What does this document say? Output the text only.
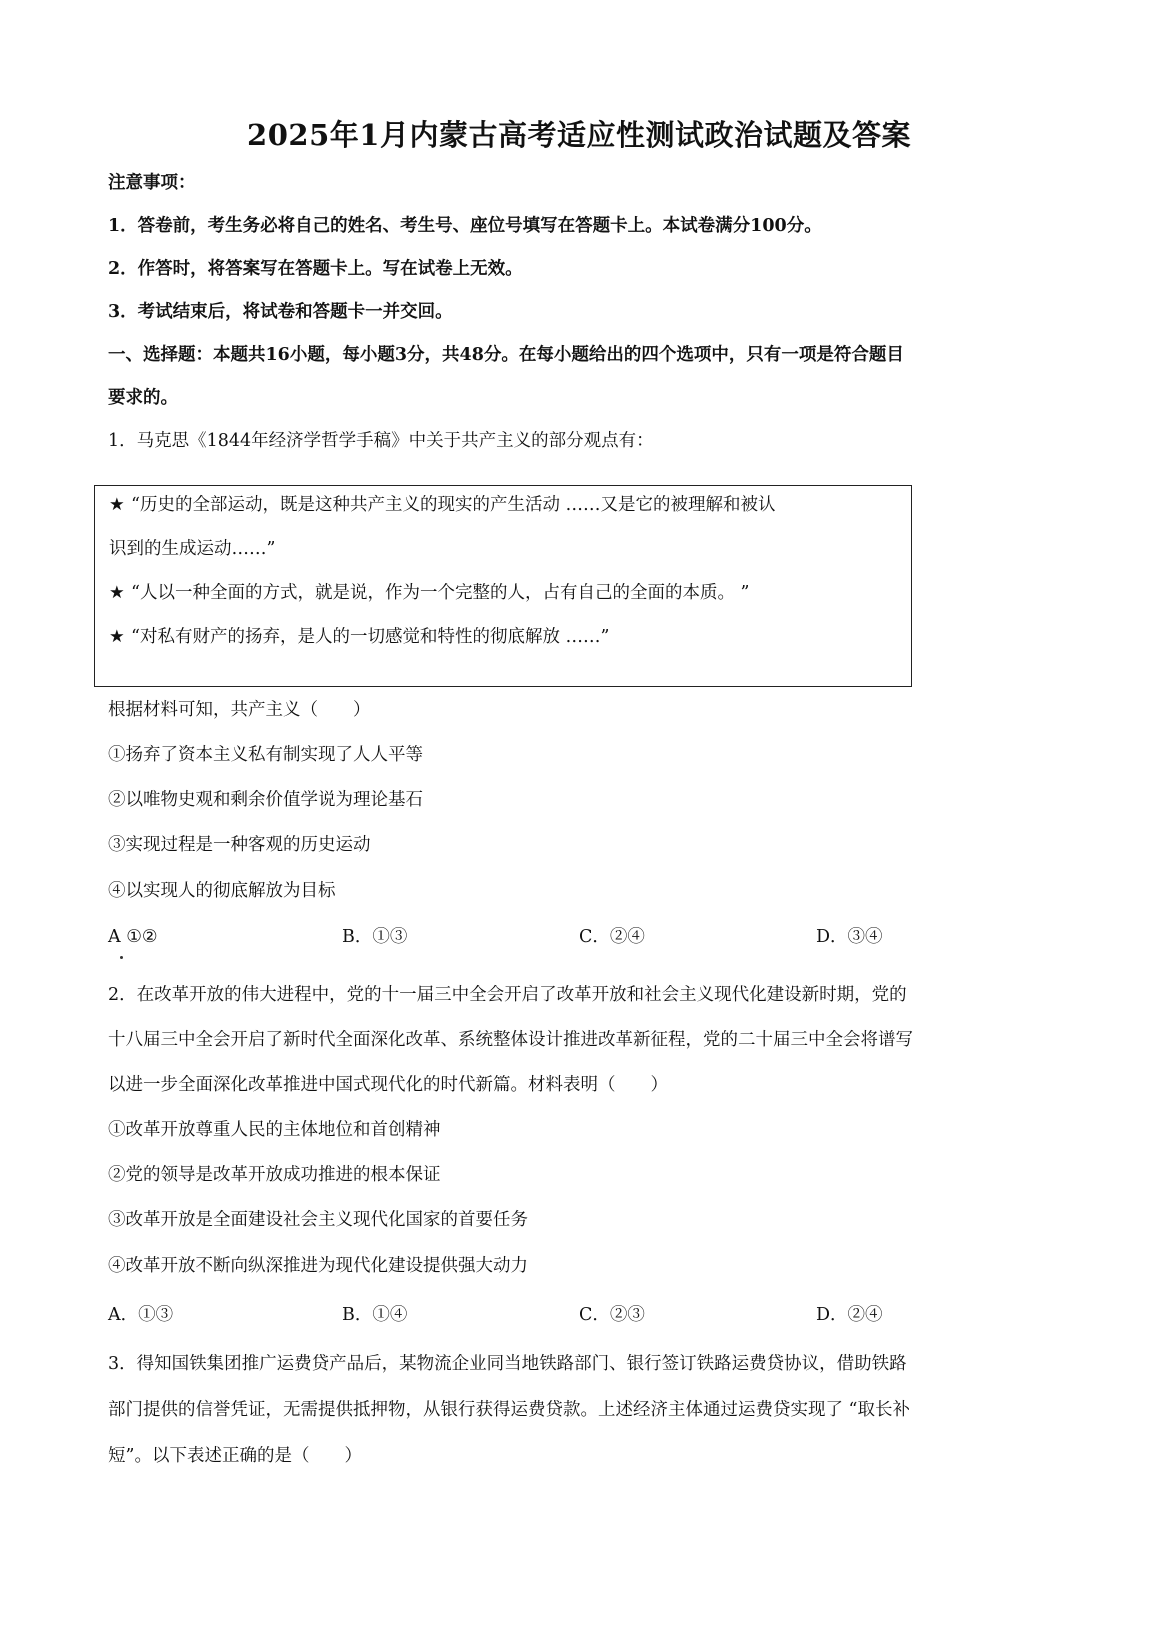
2025年1月内蒙古高考适应性测试政治试题及答案
注意事项：
1．答卷前，考生务必将自己的姓名、考生号、座位号填写在答题卡上。本试卷满分100分。
2．作答时，将答案写在答题卡上。写在试卷上无效。
3．考试结束后，将试卷和答题卡一并交回。
一、选择题：本题共16小题，每小题3分，共48分。在每小题给出的四个选项中，只有一项是符合题目
要求的。
1．马克思《1844年经济学哲学手稿》中关于共产主义的部分观点有：
★ “历史的全部运动，既是这种共产主义的现实的产生活动 ……又是它的被理解和被认
识到的生成运动……”
★ “人以一种全面的方式，就是说，作为一个完整的人，占有自己的全面的本质。 ”
★ “对私有财产的扬弃，是人的一切感觉和特性的彻底解放 ……”
根据材料可知，共产主义（　　）
①扬弃了资本主义私有制实现了人人平等
②以唯物史观和剩余价值学说为理论基石
③实现过程是一种客观的历史运动
④以实现人的彻底解放为目标
A ①②	B．①③	C．②④	D．③④
2．在改革开放的伟大进程中，党的十一届三中全会开启了改革开放和社会主义现代化建设新时期，党的
十八届三中全会开启了新时代全面深化改革、系统整体设计推进改革新征程，党的二十届三中全会将谱写
以进一步全面深化改革推进中国式现代化的时代新篇。材料表明（　　）
①改革开放尊重人民的主体地位和首创精神
②党的领导是改革开放成功推进的根本保证
③改革开放是全面建设社会主义现代化国家的首要任务
④改革开放不断向纵深推进为现代化建设提供强大动力
A．①③	B．①④	C．②③	D．②④
3．得知国铁集团推广运费贷产品后，某物流企业同当地铁路部门、银行签订铁路运费贷协议，借助铁路
部门提供的信誉凭证，无需提供抵押物，从银行获得运费贷款。上述经济主体通过运费贷实现了 “取长补
短”。以下表述正确的是（　　）
